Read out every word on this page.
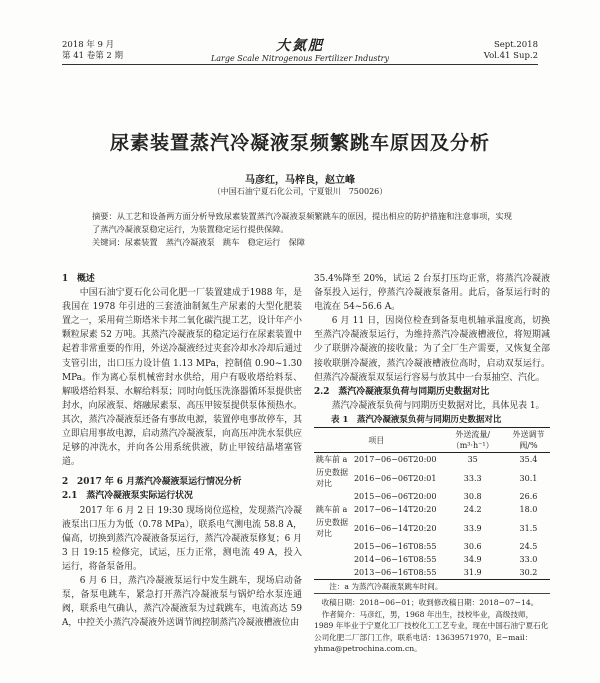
2018 年 9 月
第 41 卷第 2 期
大氮肥
Large Scale Nitrogenous Fertilizer Industry
Sept.2018
Vol.41 Sup.2
尿素装置蒸汽冷凝液泵频繁跳车原因及分析
马彦红，马梓良，赵立峰
（中国石油宁夏石化公司，宁夏银川　750026）
摘要：从工艺和设备两方面分析导致尿素装置蒸汽冷凝液泵频繁跳车的原因，提出相应的防护措施和注意事项，实现了蒸汽冷凝液泵稳定运行，为装置稳定运行提供保障。
关键词：尿素装置　蒸汽冷凝液泵　跳车　稳定运行　保障

1　概述

中国石油宁夏石化公司化肥一厂装置建成于1988 年，是我国在 1978 年引进的三套渣油制氮生产尿素的大型化肥装置之一，采用荷兰斯塔米卡邦二氧化碳汽提工艺，设计年产小颗粒尿素 52 万吨。其蒸汽冷凝液泵的稳定运行在尿素装置中起着非常重要的作用，外送冷凝液经过夹套冷却水冷却后通过支管引出，出口压力设计值 1.13 MPa，控制值 0.90~1.30 MPa。作为离心泵机械密封水供给，用户有吸收塔给料泵、解吸塔给料泵、水解给料泵；同时向低压洗涤器循环泵提供密封水，向尿液泵、熔融尿素泵、高压甲铵泵提供泵体预热水。其次，蒸汽冷凝液泵还备有事故电源，装置停电事故停车，其立即启用事故电源，启动蒸汽冷凝液泵，向高压冲洗水泵供应足够的冲洗水，并向各公用系统供液，防止甲铵结晶堵塞管道。

2　2017 年 6 月蒸汽冷凝液泵运行情况分析

2.1　蒸汽冷凝液泵实际运行状况

2017 年 6 月 2 日 19:30 现场岗位巡检，发现蒸汽冷凝液泵出口压力为低（0.78 MPa），联系电气测电流 58.8 A，偏高，切换到蒸汽冷凝液备泵运行，蒸汽冷凝液泵修复；6 月 3 日 19:15 检修完，试运，压力正常，测电流 49 A，投入运行，将备泵备用。

6 月 6 日，蒸汽冷凝液泵运行中发生跳车，现场启动备泵，备泵电跳车，紧急打开蒸汽冷凝液泵与锅炉给水泵连通阀，联系电气确认，蒸汽冷凝液泵为过载跳车，电流高达 59 A，中控关小蒸汽冷凝液外送调节阀控制蒸汽冷凝液槽液位由

35.4%降至 20%，试运 2 台泵打压均正常，将蒸汽冷凝液备泵投入运行，停蒸汽冷凝液泵备用。此后，备泵运行时的电流在 54~56.6 A。

6 月 11 日，因岗位检查到备泵电机轴承温度高，切换至蒸汽冷凝液泵运行，为维持蒸汽冷凝液槽液位，将短期减少了联胼冷凝液的接收量；为了全厂生产需要，又恢复全部接收联胼冷凝液，蒸汽冷凝液槽液位高时，启动双泵运行。但蒸汽冷凝液泵双泵运行容易与放其中一台泵抽空、汽化。

2.2　蒸汽冷凝液泵负荷与同期历史数据对比

蒸汽冷凝液泵负荷与同期历史数据对比，具体见表 1。

表 1　蒸汽冷凝液泵负荷与同期历史数据对比

项目		外送流量/（m³·h⁻¹）	外送调节阀/%
跳车前 a	2017−06−06T20:00	35	35.4
历史数据对比	2016−06−06T20:01	33.3	30.1
	2015−06−06T20:00	30.8	26.6
跳车前 a	2017−06−14T20:20	24.2	18.0
历史数据对比	2016−06−14T20:20	33.9	31.5
	2015−06−16T08:55	30.6	24.5
	2014−06−16T08:55	34.9	33.0
	2013−06−16T08:55	31.9	30.2

注：a 为蒸汽冷凝液泵跳车时间。

收稿日期：2018−06−01；收到修改稿日期：2018−07−14。

作者简介：马彦红，男，1968 年出生，技校毕业，高级技师，1989 年毕业于宁夏化工厂技校化工工艺专业，现在中国石油宁夏石化公司化肥二厂部门工作，联系电话：13639571970，E−mail：yhma@petrochina.com.cn。
